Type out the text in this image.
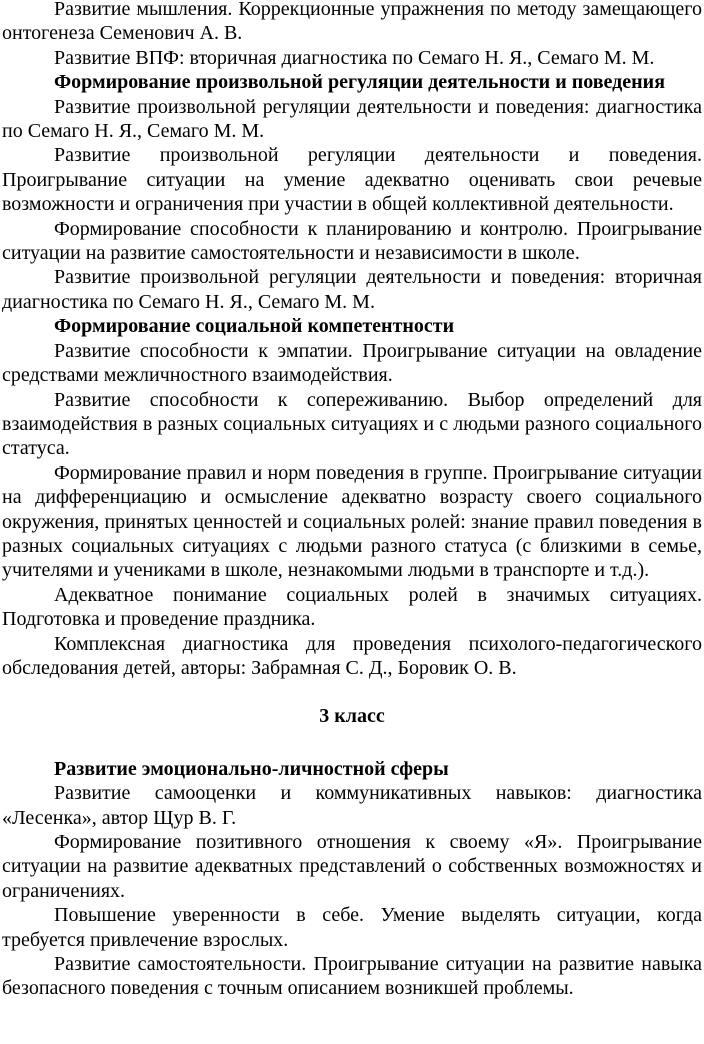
Развитие мышления. Коррекционные упражнения по методу замещающего онтогенеза Семенович А. В.

Развитие ВПФ: вторичная диагностика по Семаго Н. Я., Семаго М. М.

Формирование произвольной регуляции деятельности и поведения

Развитие произвольной регуляции деятельности и поведения: диагностика по Семаго Н. Я., Семаго М. М.

Развитие произвольной регуляции деятельности и поведения. Проигрывание ситуации на умение адекватно оценивать свои речевые возможности и ограничения при участии в общей коллективной деятельности.

Формирование способности к планированию и контролю. Проигрывание ситуации на развитие самостоятельности и независимости в школе.

Развитие произвольной регуляции деятельности и поведения: вторичная диагностика по Семаго Н. Я., Семаго М. М.

Формирование социальной компетентности

Развитие способности к эмпатии. Проигрывание ситуации на овладение средствами межличностного взаимодействия.

Развитие способности к сопереживанию. Выбор определений для взаимодействия в разных социальных ситуациях и с людьми разного социального статуса.

Формирование правил и норм поведения в группе. Проигрывание ситуации на дифференциацию и осмысление адекватно возрасту своего социального окружения, принятых ценностей и социальных ролей: знание правил поведения в разных социальных ситуациях с людьми разного статуса (с близкими в семье, учителями и учениками в школе, незнакомыми людьми в транспорте и т.д.).

Адекватное понимание социальных ролей в значимых ситуациях. Подготовка и проведение праздника.

Комплексная диагностика для проведения психолого-педагогического обследования детей, авторы: Забрамная С. Д., Боровик О. В.

3 класс

Развитие эмоционально-личностной сферы

Развитие самооценки и коммуникативных навыков: диагностика «Лесенка», автор Щур В. Г.

Формирование позитивного отношения к своему «Я». Проигрывание ситуации на развитие адекватных представлений о собственных возможностях и ограничениях.

Повышение уверенности в себе. Умение выделять ситуации, когда требуется привлечение взрослых.

Развитие самостоятельности. Проигрывание ситуации на развитие навыка безопасного поведения с точным описанием возникшей проблемы.
